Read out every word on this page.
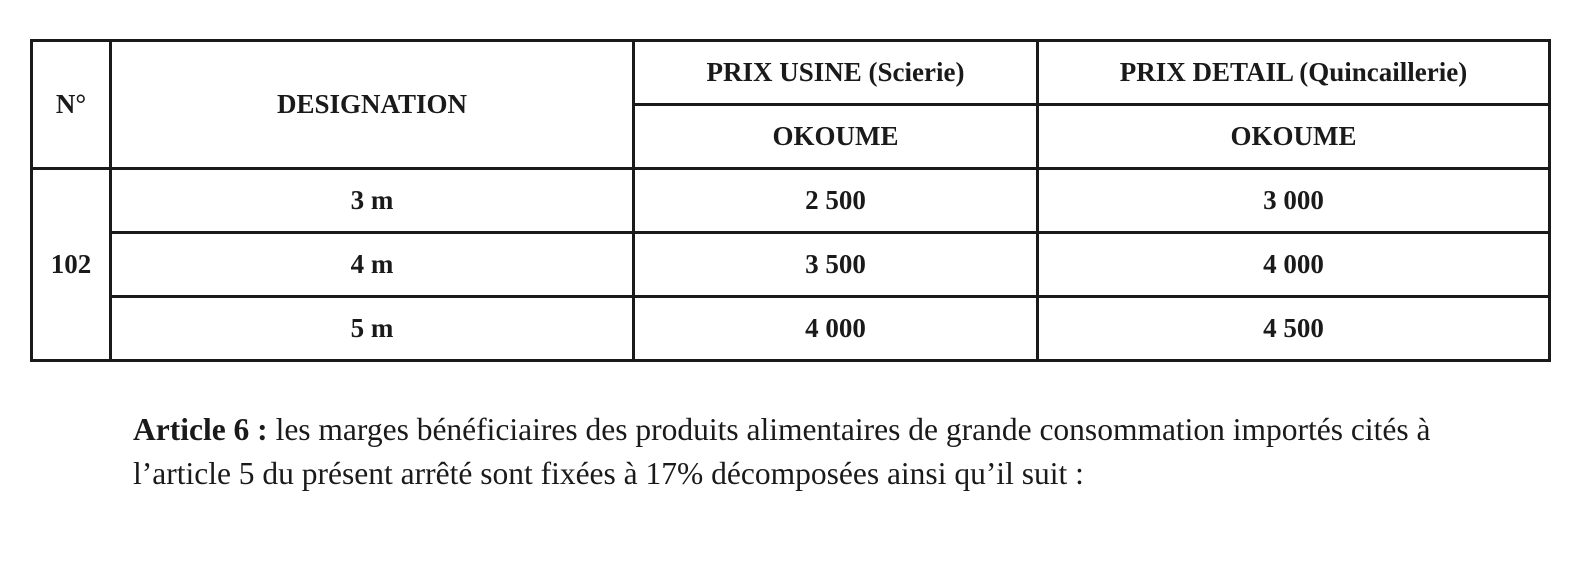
N°	DESIGNATION	PRIX USINE (Scierie)	PRIX DETAIL (Quincaillerie)
		OKOUME	OKOUME
102	3 m	2 500	3 000
	4 m	3 500	4 000
	5 m	4 000	4 500

Article 6 : les marges bénéficiaires des produits alimentaires de grande consommation importés cités à l’article 5 du présent arrêté sont fixées à 17% décomposées ainsi qu’il suit :
